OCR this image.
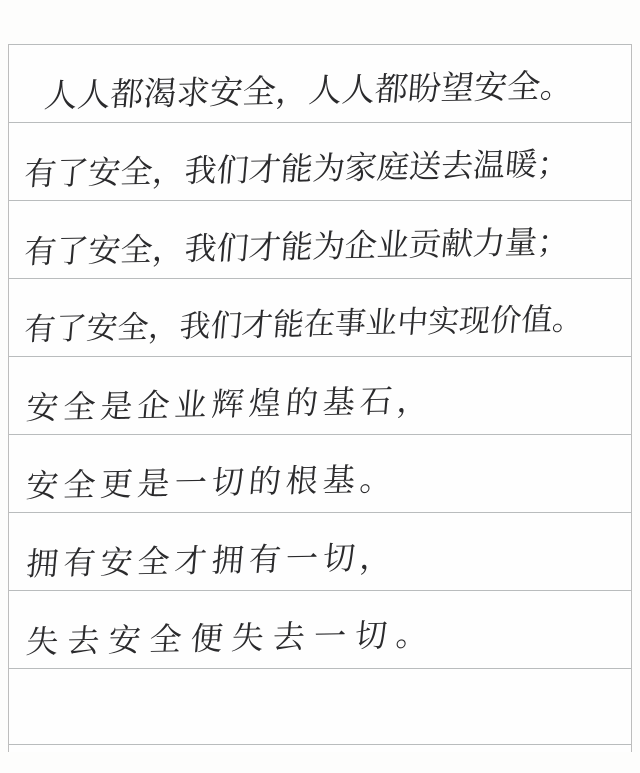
人人都渴求安全，人人都盼望安全。
有了安全，我们才能为家庭送去温暖；
有了安全，我们才能为企业贡献力量；
有了安全，我们才能在事业中实现价值。
安全是企业辉煌的基石，
安全更是一切的根基。
拥有安全才拥有一切，
失去安全便失去一切。
